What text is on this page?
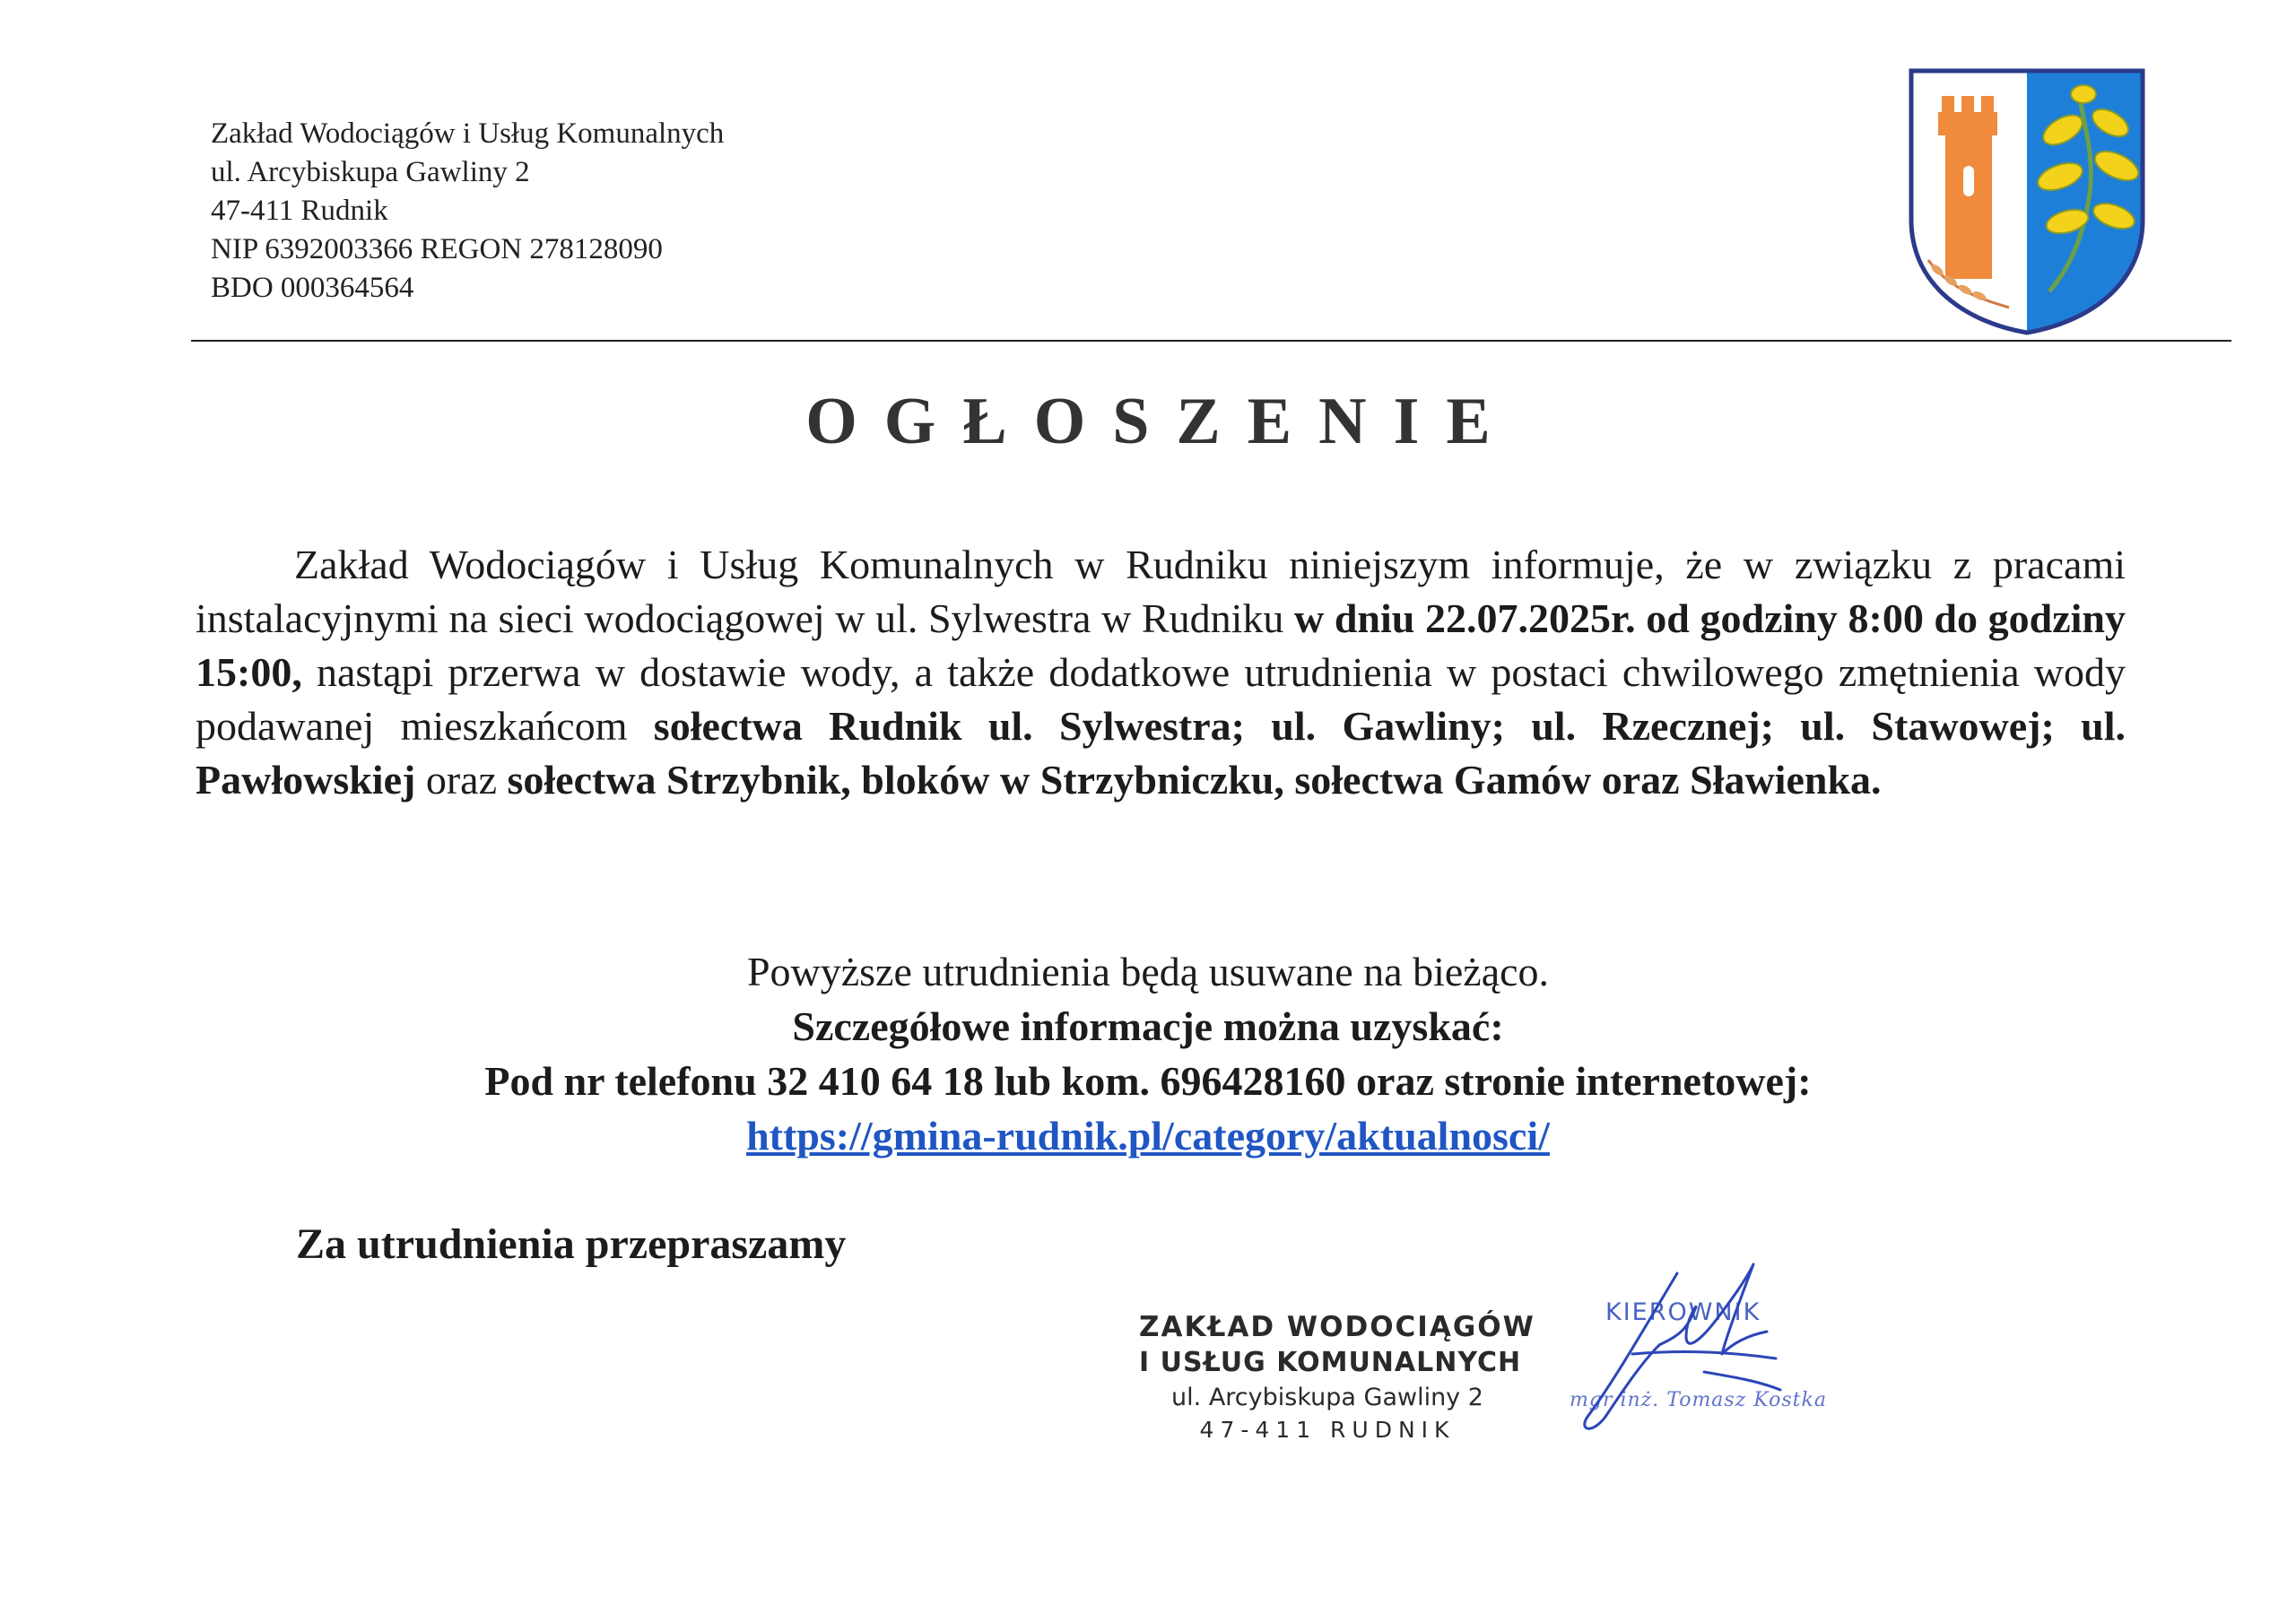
Zakład Wodociągów i Usług Komunalnych
ul. Arcybiskupa Gawliny 2
47-411 Rudnik
NIP 6392003366 REGON 278128090
BDO 000364564
OGŁOSZENIE

Zakład Wodociągów i Usług Komunalnych w Rudniku niniejszym informuje, że w związku z pracami instalacyjnymi na sieci wodociągowej w ul. Sylwestra w Rudniku w dniu 22.07.2025r. od godziny 8:00 do godziny 15:00, nastąpi przerwa w dostawie wody, a także dodatkowe utrudnienia w postaci chwilowego zmętnienia wody podawanej mieszkańcom sołectwa Rudnik ul. Sylwestra; ul. Gawliny; ul. Rzecznej; ul. Stawowej; ul. Pawłowskiej oraz sołectwa Strzybnik, bloków w Strzybniczku, sołectwa Gamów oraz Sławienka.

Powyższe utrudnienia będą usuwane na bieżąco.
Szczegółowe informacje można uzyskać:
Pod nr telefonu 32 410 64 18 lub kom. 696428160 oraz stronie internetowej:
https://gmina-rudnik.pl/category/aktualnosci/
Za utrudnienia przepraszamy
ZAKŁAD WODOCIĄGÓW
I USŁUG KOMUNALNYCH
ul. Arcybiskupa Gawliny 2
47-411 RUDNIK
KIEROWNIK
mgr inż. Tomasz Kostka
